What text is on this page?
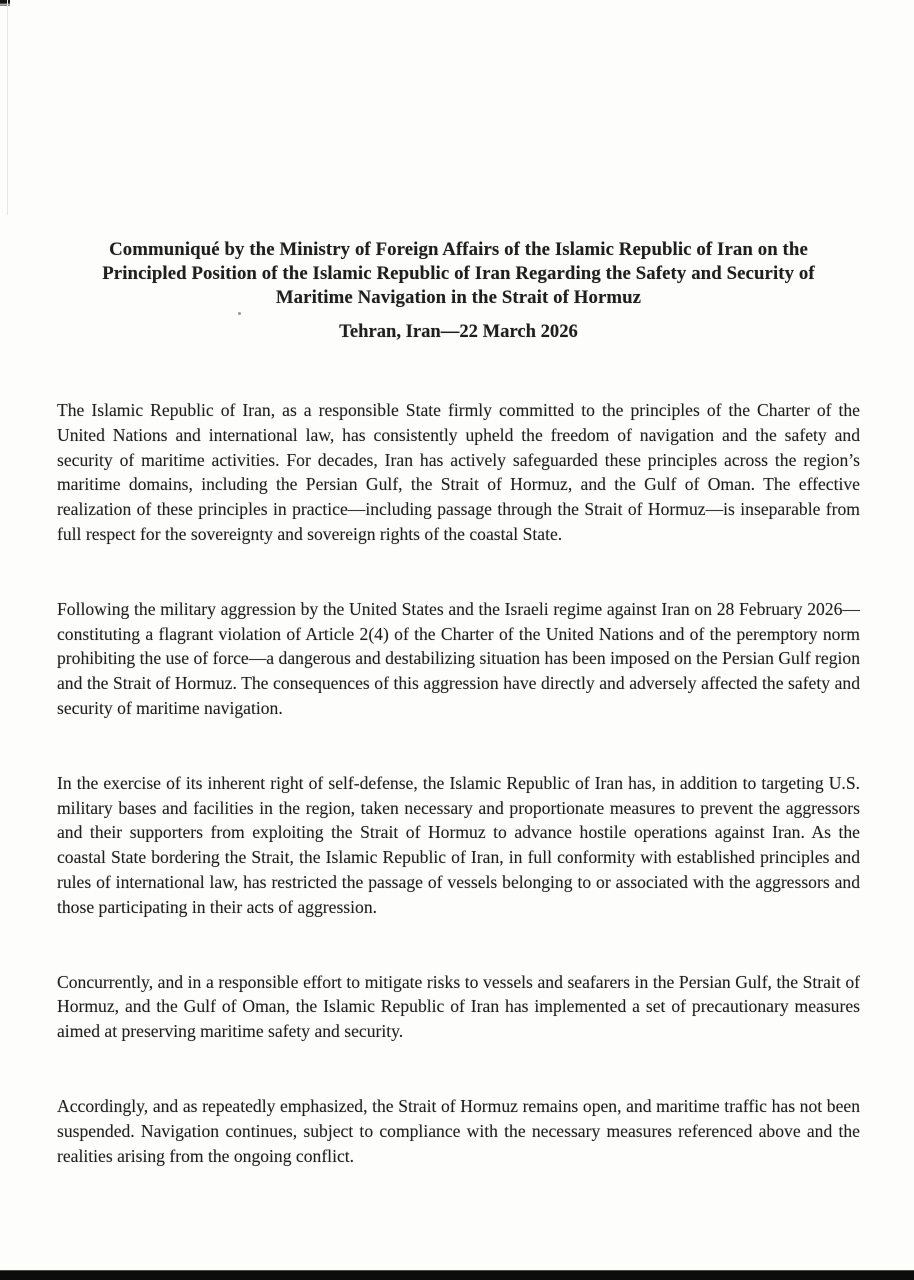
Communiqué by the Ministry of Foreign Affairs of the Islamic Republic of Iran on the
Principled Position of the Islamic Republic of Iran Regarding the Safety and Security of
Maritime Navigation in the Strait of Hormuz
Tehran, Iran—22 March 2026

The Islamic Republic of Iran, as a responsible State firmly committed to the principles of the Charter of the United Nations and international law, has consistently upheld the freedom of navigation and the safety and security of maritime activities. For decades, Iran has actively safeguarded these principles across the region’s maritime domains, including the Persian Gulf, the Strait of Hormuz, and the Gulf of Oman. The effective realization of these principles in practice—including passage through the Strait of Hormuz—is inseparable from full respect for the sovereignty and sovereign rights of the coastal State.

Following the military aggression by the United States and the Israeli regime against Iran on 28 February 2026—constituting a flagrant violation of Article 2(4) of the Charter of the United Nations and of the peremptory norm prohibiting the use of force—a dangerous and destabilizing situation has been imposed on the Persian Gulf region and the Strait of Hormuz. The consequences of this aggression have directly and adversely affected the safety and security of maritime navigation.

In the exercise of its inherent right of self-defense, the Islamic Republic of Iran has, in addition to targeting U.S. military bases and facilities in the region, taken necessary and proportionate measures to prevent the aggressors and their supporters from exploiting the Strait of Hormuz to advance hostile operations against Iran. As the coastal State bordering the Strait, the Islamic Republic of Iran, in full conformity with established principles and rules of international law, has restricted the passage of vessels belonging to or associated with the aggressors and those participating in their acts of aggression.

Concurrently, and in a responsible effort to mitigate risks to vessels and seafarers in the Persian Gulf, the Strait of Hormuz, and the Gulf of Oman, the Islamic Republic of Iran has implemented a set of precautionary measures aimed at preserving maritime safety and security.

Accordingly, and as repeatedly emphasized, the Strait of Hormuz remains open, and maritime traffic has not been suspended. Navigation continues, subject to compliance with the necessary measures referenced above and the realities arising from the ongoing conflict.
